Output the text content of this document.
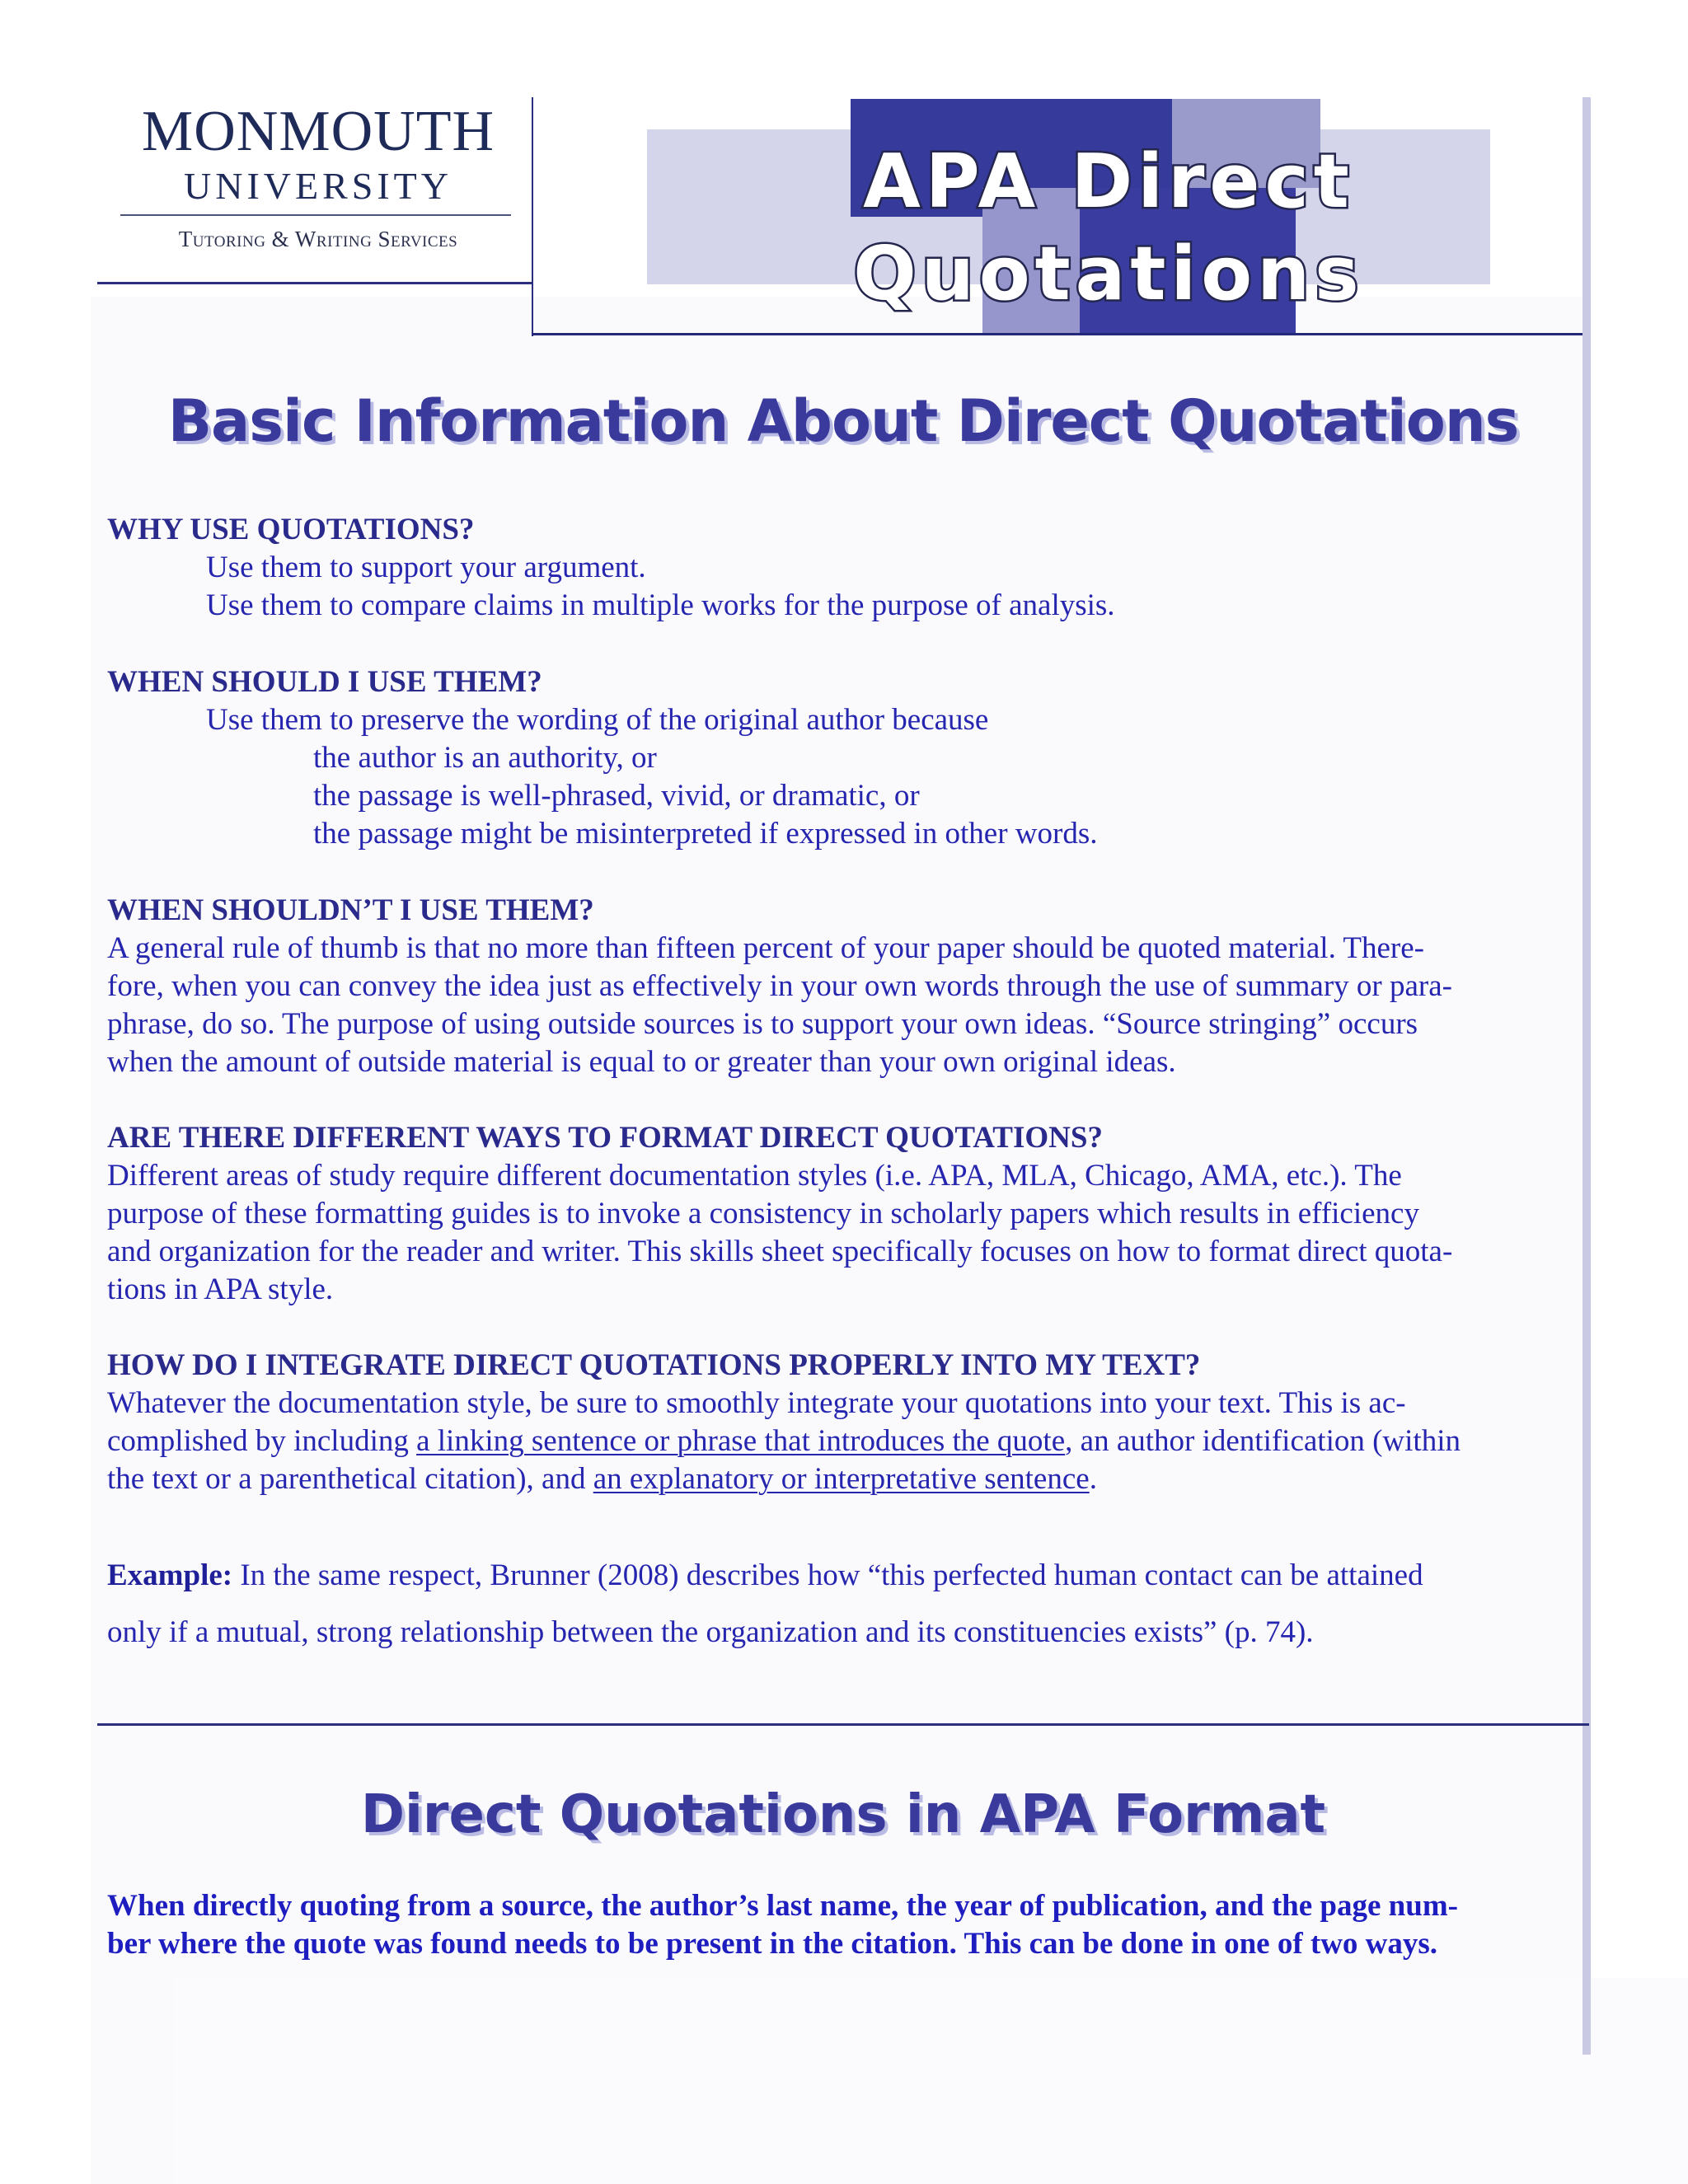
MONMOUTH
UNIVERSITY
Tutoring & Writing Services
APA Direct
Quotations
Basic Information About Direct Quotations
WHY USE QUOTATIONS?
Use them to support your argument.
Use them to compare claims in multiple works for the purpose of analysis.
WHEN SHOULD I USE THEM?
Use them to preserve the wording of the original author because
the author is an authority, or
the passage is well-phrased, vivid, or dramatic, or
the passage might be misinterpreted if expressed in other words.
WHEN SHOULDN’T I USE THEM?
A general rule of thumb is that no more than fifteen percent of your paper should be quoted material. There-
fore, when you can convey the idea just as effectively in your own words through the use of summary or para-
phrase, do so. The purpose of using outside sources is to support your own ideas. “Source stringing” occurs
when the amount of outside material is equal to or greater than your own original ideas.
ARE THERE DIFFERENT WAYS TO FORMAT DIRECT QUOTATIONS?
Different areas of study require different documentation styles (i.e. APA, MLA, Chicago, AMA, etc.). The
purpose of these formatting guides is to invoke a consistency in scholarly papers which results in efficiency
and organization for the reader and writer. This skills sheet specifically focuses on how to format direct quota-
tions in APA style.
HOW DO I INTEGRATE DIRECT QUOTATIONS PROPERLY INTO MY TEXT?
Whatever the documentation style, be sure to smoothly integrate your quotations into your text. This is ac-
complished by including a linking sentence or phrase that introduces the quote, an author identification (within
the text or a parenthetical citation), and an explanatory or interpretative sentence.
Example: In the same respect, Brunner (2008) describes how “this perfected human contact can be attained
only if a mutual, strong relationship between the organization and its constituencies exists” (p. 74).
Direct Quotations in APA Format
When directly quoting from a source, the author’s last name, the year of publication, and the page num-
ber where the quote was found needs to be present in the citation. This can be done in one of two ways.
